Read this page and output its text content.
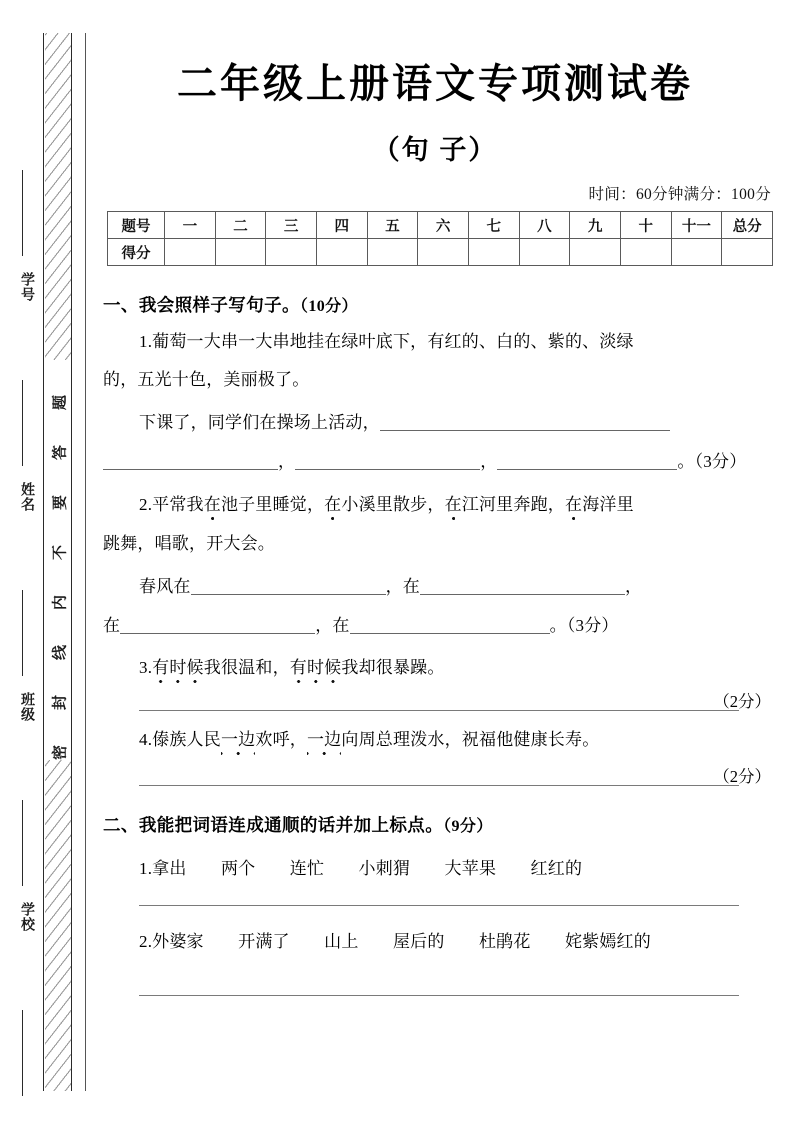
密
封
线
内
不
要
答
题
学号
姓名
班级
学校
二年级上册语文专项测试卷
（句 子）
时间：60分钟满分：100分
题号	一	二	三	四	五	六	七	八	九	十	十一	总分
得分												
一、我会照样子写句子。（10分）
1.葡萄一大串一大串地挂在绿叶底下，有红的、白的、紫的、淡绿
的，五光十色，美丽极了。
下课了，同学们在操场上活动，
，	，	。（3分）
2.平常我在池子里睡觉，在小溪里散步，在江河里奔跑，在海洋里
跳舞，唱歌，开大会。
春风在	，在	，
在	，在	。（3分）
3.有时候我很温和，有时候我却很暴躁。
（2分）
4.傣族人民一边欢呼，一边向周总理泼水，祝福他健康长寿。
（2分）
二、我能把词语连成通顺的话并加上标点。（9分）
1.拿出　　两个　　连忙　　小刺猬　　大苹果　　红红的
2.外婆家　　开满了　　山上　　屋后的　　杜鹃花　　姹紫嫣红的
